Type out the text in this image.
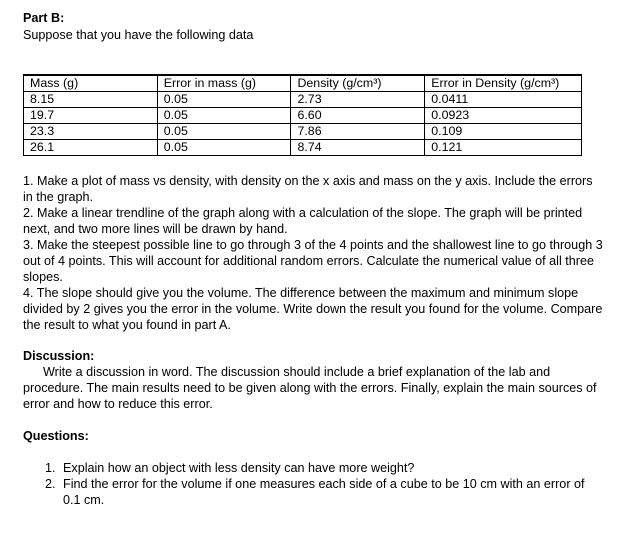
Part B:
Suppose that you have the following data
Mass (g)	Error in mass (g)	Density (g/cm³)	Error in Density (g/cm³)
8.15	0.05	2.73	0.0411
19.7	0.05	6.60	0.0923
23.3	0.05	7.86	0.109
26.1	0.05	8.74	0.121
1. Make a plot of mass vs density, with density on the x axis and mass on the y axis. Include the errors in the graph.
2. Make a linear trendline of the graph along with a calculation of the slope. The graph will be printed next, and two more lines will be drawn by hand.
3. Make the steepest possible line to go through 3 of the 4 points and the shallowest line to go through 3 out of 4 points. This will account for additional random errors. Calculate the numerical value of all three slopes.
4. The slope should give you the volume. The difference between the maximum and minimum slope divided by 2 gives you the error in the volume. Write down the result you found for the volume. Compare the result to what you found in part A.
Discussion:
Write a discussion in word. The discussion should include a brief explanation of the lab and procedure. The main results need to be given along with the errors. Finally, explain the main sources of error and how to reduce this error.
Questions:
1. Explain how an object with less density can have more weight?
2. Find the error for the volume if one measures each side of a cube to be 10 cm with an error of 0.1 cm.
